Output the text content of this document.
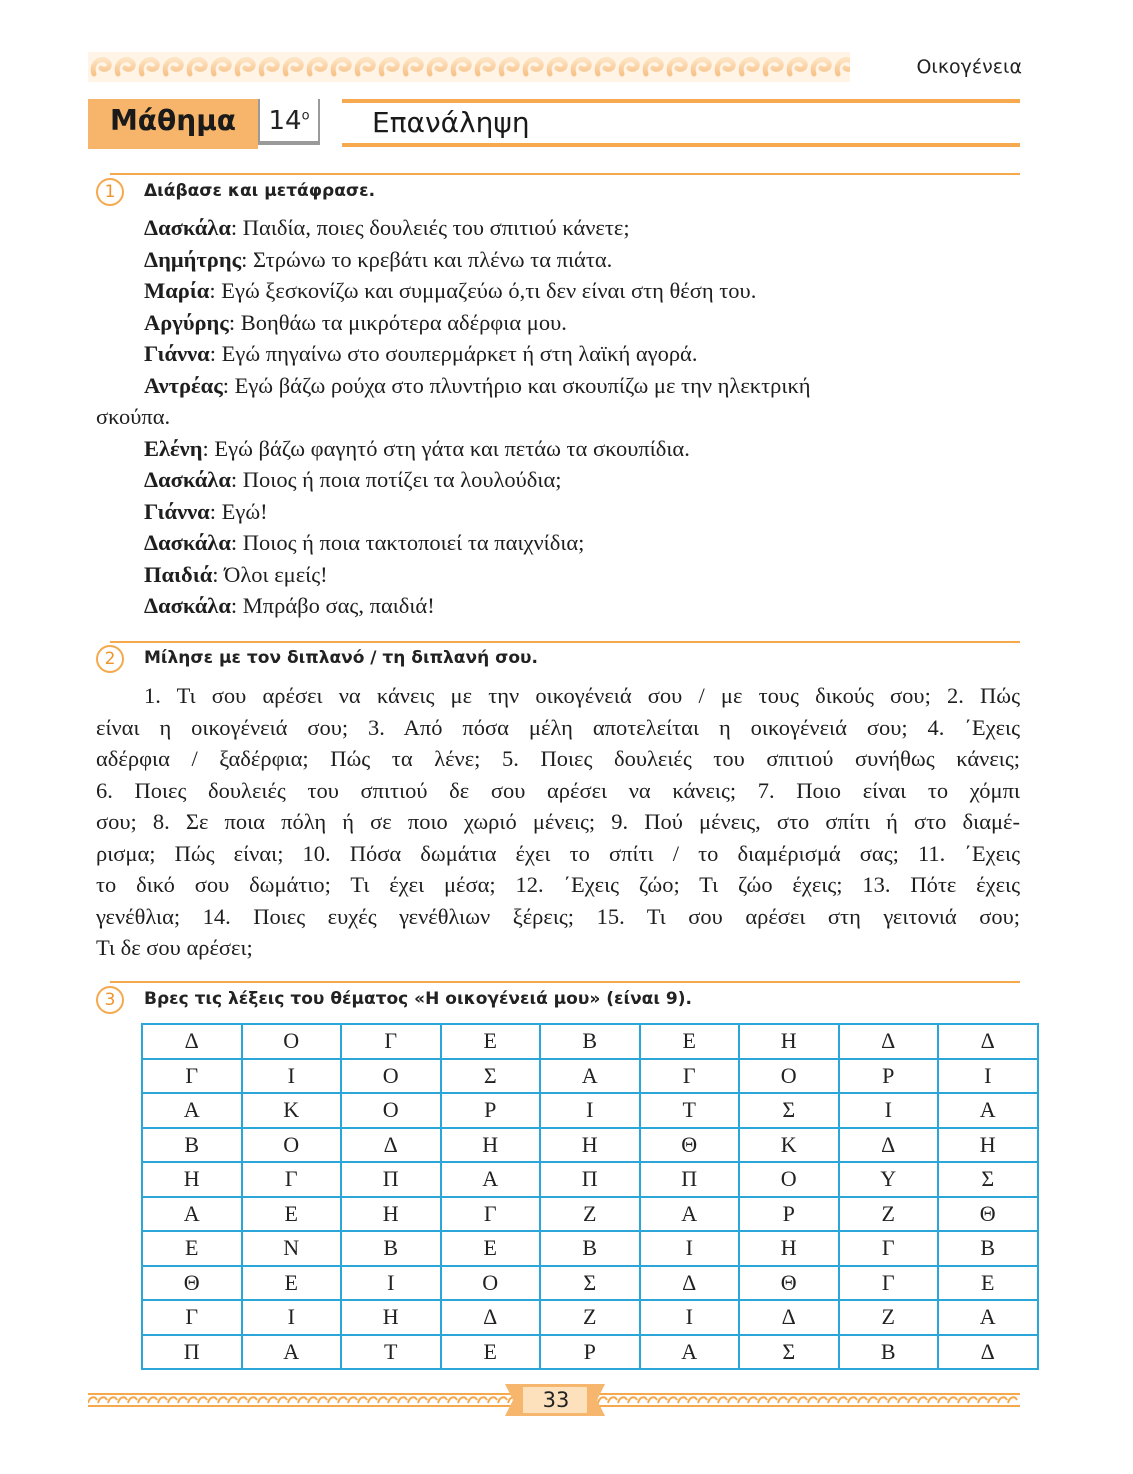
Οικογένεια
Μάθημα	$14^o$	Επανάληψη
1	Διάβασε και μετάφρασε.
Δασκάλα: Παιδία, ποιες δουλειές του σπιτιού κάνετε;
Δημήτρης: Στρώνω το κρεβάτι και πλένω τα πιάτα.
Μαρία: Εγώ ξεσκονίζω και συμμαζεύω ό,τι δεν είναι στη θέση του.
Αργύρης: Βοηθάω τα μικρότερα αδέρφια μου.
Γιάννα: Εγώ πηγαίνω στο σουπερμάρκετ ή στη λαϊκή αγορά.
Αντρέας: Εγώ βάζω ρούχα στο πλυντήριο και σκουπίζω με την ηλεκτρική
σκούπα.
Ελένη: Εγώ βάζω φαγητό στη γάτα και πετάω τα σκουπίδια.
Δασκάλα: Ποιος ή ποια ποτίζει τα λουλούδια;
Γιάννα: Εγώ!
Δασκάλα: Ποιος ή ποια τακτοποιεί τα παιχνίδια;
Παιδιά: Όλοι εμείς!
Δασκάλα: Μπράβο σας, παιδιά!
2	Μίλησε με τον διπλανό / τη διπλανή σου.
1. Τι σου αρέσει να κάνεις με την οικογένειά σου / με τους δικούς σου; 2. Πώς
είναι η οικογένειά σου; 3. Από πόσα μέλη αποτελείται η οικογένειά σου; 4. ΄Εχεις
αδέρφια / ξαδέρφια; Πώς τα λένε; 5. Ποιες δουλειές του σπιτιού συνήθως κάνεις;
6. Ποιες δουλειές του σπιτιού δε σου αρέσει να κάνεις; 7. Ποιο είναι το χόμπι
σου; 8. Σε ποια πόλη ή σε ποιο χωριό μένεις; 9. Πού μένεις, στο σπίτι ή στο διαμέ-
ρισμα; Πώς είναι; 10. Πόσα δωμάτια έχει το σπίτι / το διαμέρισμά σας; 11. ΄Εχεις
το δικό σου δωμάτιο; Τι έχει μέσα; 12. ΄Εχεις ζώο; Τι ζώο έχεις; 13. Πότε έχεις
γενέθλια; 14. Ποιες ευχές γενέθλιων ξέρεις; 15. Τι σου αρέσει στη γειτονιά σου;
Τι δε σου αρέσει;
3	Βρες τις λέξεις του θέματος «Η οικογένειά μου» (είναι 9).
Δ	Ο	Γ	Ε	Β	Ε	Η	Δ	Δ
Γ	Ι	Ο	Σ	Α	Γ	Ο	Ρ	Ι
Α	Κ	Ο	Ρ	Ι	Τ	Σ	Ι	Α
Β	Ο	Δ	Η	Η	Θ	Κ	Δ	Η
Η	Γ	Π	Α	Π	Π	Ο	Υ	Σ
Α	Ε	Η	Γ	Ζ	Α	Ρ	Ζ	Θ
Ε	Ν	Β	Ε	Β	Ι	Η	Γ	Β
Θ	Ε	Ι	Ο	Σ	Δ	Θ	Γ	Ε
Γ	Ι	Η	Δ	Ζ	Ι	Δ	Ζ	Α
Π	Α	Τ	Ε	Ρ	Α	Σ	Β	Δ
33
